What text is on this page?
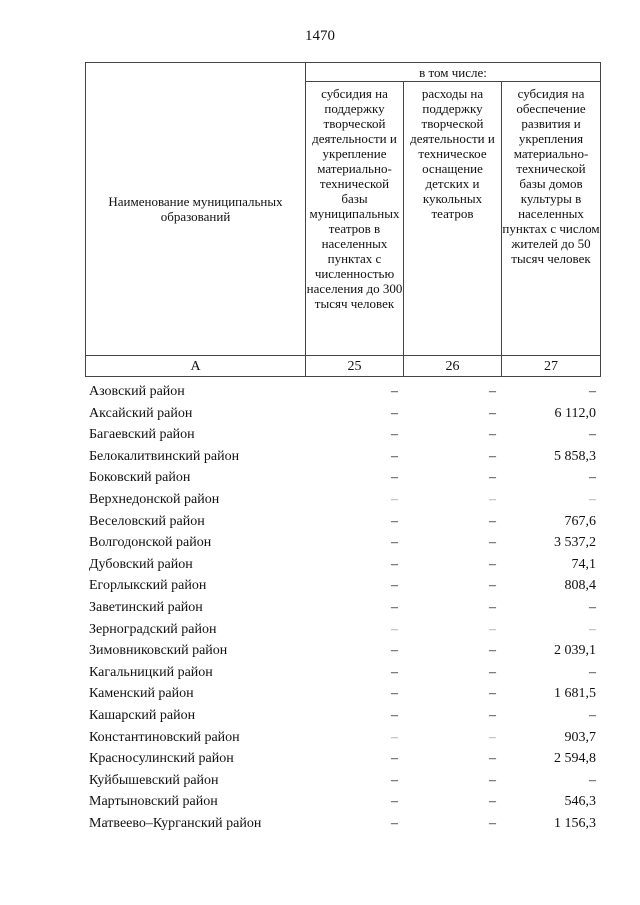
1470
Наименование муниципальных образований	в том числе:		
	субсидия на поддержку творческой деятельности и укрепление материально-технической базы муниципальных театров в населенных пунктах с численностью населения до 300 тысяч человек	расходы на поддержку творческой деятельности и техническое оснащение детских и кукольных театров	субсидия на обеспечение развития и укрепления материально-технической базы домов культуры в населенных пунктах с числом жителей до 50 тысяч человек
А	25	26	27
Азовский район	–	–	–
Аксайский район	–	–	6 112,0
Багаевский район	–	–	–
Белокалитвинский район	–	–	5 858,3
Боковский район	–	–	–
Верхнедонской район	–	–	–
Веселовский район	–	–	767,6
Волгодонской район	–	–	3 537,2
Дубовский район	–	–	74,1
Егорлыкский район	–	–	808,4
Заветинский район	–	–	–
Зерноградский район	–	–	–
Зимовниковский район	–	–	2 039,1
Кагальницкий район	–	–	–
Каменский район	–	–	1 681,5
Кашарский район	–	–	–
Константиновский район	–	–	903,7
Красносулинский район	–	–	2 594,8
Куйбышевский район	–	–	–
Мартыновский район	–	–	546,3
Матвеево–Курганский район	–	–	1 156,3
